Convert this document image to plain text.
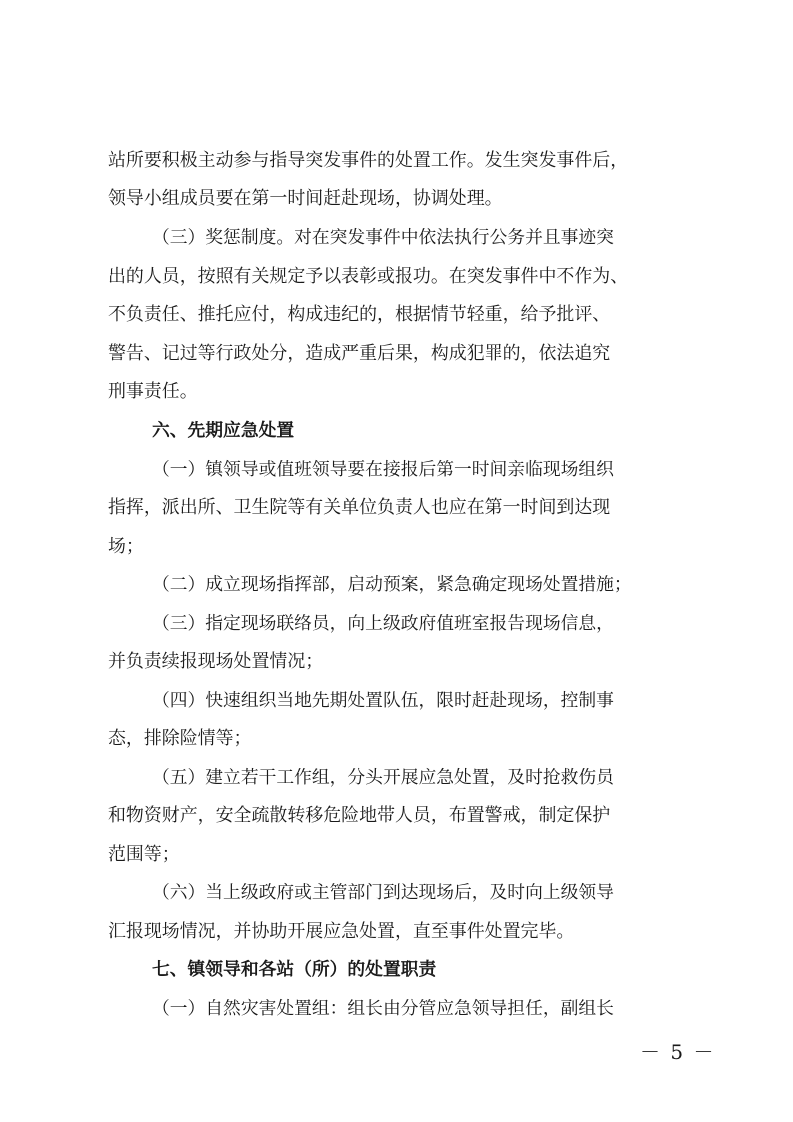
站所要积极主动参与指导突发事件的处置工作。发生突发事件后，
领导小组成员要在第一时间赶赴现场，协调处理。
（三）奖惩制度。对在突发事件中依法执行公务并且事迹突
出的人员，按照有关规定予以表彰或报功。在突发事件中不作为、
不负责任、推托应付，构成违纪的，根据情节轻重，给予批评、
警告、记过等行政处分，造成严重后果，构成犯罪的，依法追究
刑事责任。
六、先期应急处置
（一）镇领导或值班领导要在接报后第一时间亲临现场组织
指挥，派出所、卫生院等有关单位负责人也应在第一时间到达现
场；
（二）成立现场指挥部，启动预案，紧急确定现场处置措施；
（三）指定现场联络员，向上级政府值班室报告现场信息，
并负责续报现场处置情况；
（四）快速组织当地先期处置队伍，限时赶赴现场，控制事
态，排除险情等；
（五）建立若干工作组，分头开展应急处置，及时抢救伤员
和物资财产，安全疏散转移危险地带人员，布置警戒，制定保护
范围等；
（六）当上级政府或主管部门到达现场后，及时向上级领导
汇报现场情况，并协助开展应急处置，直至事件处置完毕。
七、镇领导和各站（所）的处置职责
（一）自然灾害处置组：组长由分管应急领导担任，副组长
－ 5 －
